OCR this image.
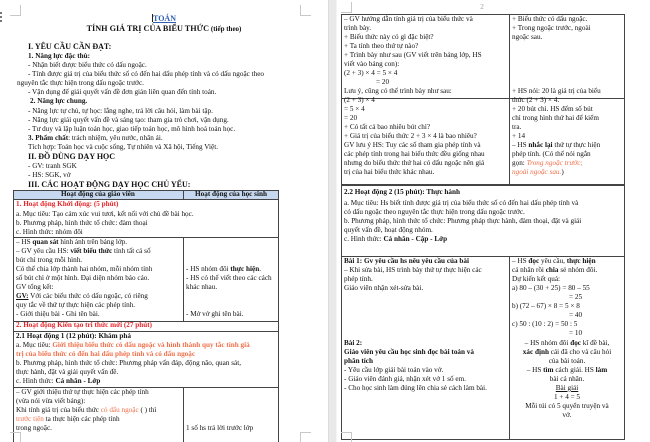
TOÁN
TÍNH GIÁ TRỊ CỦA BIỂU THỨC (tiếp theo)
I. YÊU CẦU CẦN ĐẠT:
1. Năng lực đặc thù:
- Nhận biết được biểu thức có dấu ngoặc.
- Tính được giá trị của biểu thức số có đến hai dấu phép tính và có dấu ngoặc theo
nguyên tắc thực hiện trong dấu ngoặc trước.
- Vận dụng để giải quyết vấn đề đơn giản liên quan đến tính toán.
2. Năng lực chung.
- Năng lực tự chủ, tự học: lắng nghe, trả lời câu hỏi, làm bài tập.
- Năng lực giải quyết vấn đề và sáng tạo: tham gia trò chơi, vận dụng.
- Tư duy và lập luận toán học, giao tiếp toán học, mô hình hoá toán học.
3. Phẩm chất: trách nhiệm, yêu nước, nhân ái.
Tích hợp: Toán học và cuộc sống, Tự nhiên và Xã hội, Tiếng Việt.
II. ĐỒ DÙNG DẠY HỌC
- GV: tranh SGK
- HS: SGK, vở
III. CÁC HOẠT ĐỘNG DẠY HỌC CHỦ YẾU:
Hoạt động của giáo viên	Hoạt động của học sinh
1. Hoạt động Khởi động: (5 phút)
a. Mục tiêu: Tạo cảm xúc vui tươi, kết nối với chủ đề bài học.
b. Phương pháp, hình thức tổ chức: đàm thoại
c. Hình thức: nhóm đôi
– HS quan sát hình ảnh trên bảng lớp.
– GV yêu cầu HS: viết biểu thức tính tất cả số
bút chì trong mỗi hình.
Có thể chia lớp thành hai nhóm, mỗi nhóm tính
số bút chì ở một hình. Đại diện nhóm báo cáo.
GV tổng kết:
GV: Với các biểu thức có dấu ngoặc, có riêng
quy tắc về thứ tự thực hiện các phép tính.
- Giới thiệu bài - Ghi tên bài.
- HS nhóm đôi thực hiện.
- HS có thể viết theo các cách
khác nhau.
- Mở vở ghi tên bài.
2. Hoạt động Kiến tạo tri thức mới (27 phút)
2.1 Hoạt động 1 (12 phút): Khám phá
a. Mục tiêu: Giới thiệu biểu thức có dấu ngoặc và hình thành quy tắc tính giá
trị của biểu thức có đến hai dấu phép tính và có dấu ngoặc
b. Phương pháp, hình thức tổ chức: Phương pháp vấn đáp, động não, quan sát,
thực hành, đặt và giải quyết vấn đề.
c. Hình thức: Cá nhân - Lớp
– GV giới thiệu thứ tự thực hiện các phép tính
(vừa nói vừa viết bảng):
Khi tính giá trị của biểu thức có dấu ngoặc ( ) thì
trước tiên ta thực hiện các phép tính
trong ngoặc.	1 số hs trả lời trước lớp
2
– GV hướng dẫn tính giá trị của biểu thức và
trình bày.
+ Biểu thức này có gì đặc biệt?
+ Ta tính theo thứ tự nào?
+ Trình bày như sau (GV viết trên bảng lớp, HS
viết vào bảng con):
(2 + 3) × 4 = 5 × 4
= 20
Lưu ý, cũng có thể trình bày như sau:
(2 + 3) × 4
= 5 × 4
= 20
+ Có tất cả bao nhiêu bút chì?
+ Giá trị của biểu thức 2 + 3 × 4 là bao nhiêu?
GV lưu ý HS: Tuy các số tham gia phép tính và
các phép tính trong hai biểu thức đều giống nhau
nhưng do biểu thức thứ hai có dấu ngoặc nên giá
trị của hai biểu thức khác nhau.
+ Biểu thức có dấu ngoặc.
+ Trong ngoặc trước, ngoài
ngoặc sau.
+ HS nói: 20 là giá trị của biểu
thức (2 + 3) × 4.
+ 20 bút chì. HS đếm số bút
chì trong hình thứ hai để kiểm
tra.
+ 14
– HS nhắc lại thứ tự thực hiện
phép tính. (Có thể nói ngắn
gọn: Trong ngoặc trước;
ngoài ngoặc sau.)
2.2 Hoạt động 2 (15 phút): Thực hành
a. Mục tiêu: Hs biết tính được giá trị của biểu thức số có đến hai dấu phép tính và
có dấu ngoặc theo nguyên tắc thực hiện trong dấu ngoặc trước.
b. Phương pháp, hình thức tổ chức: Phương pháp thực hành, đàm thoại, đặt và giải
quyết vấn đề, hoạt động nhóm.
c. Hình thức: Cá nhân - Cặp - Lớp
Bài 1: Gv yêu cầu hs nêu yêu cầu của bài
– Khi sửa bài, HS trình bày thứ tự thực hiện các
phép tính.
Giáo viên nhận xét-sửa bài.
– HS đọc yêu cầu, thực hiện
cá nhân rồi chia sẻ nhóm đôi.
Dự kiến kết quả:
a) 80 – (30 + 25) = 80 – 55
= 25
b) (72 – 67) × 8 = 5 × 8
= 40
c) 50 : (10 : 2) = 50 : 5
= 10
Bài 2:
Giáo viên yêu cầu học sinh đọc bài toán và
phân tích
- Yêu cầu lớp giải bài toán vào vở.
- Giáo viên đánh giá, nhận xét vở 1 số em.
- Cho học sinh làm đúng lên chia sẻ cách làm bài.
– HS nhóm đôi đọc kĩ đề bài,
xác định cái đã cho và câu hỏi
của bài toán.
– HS tìm cách giải. HS làm
bài cá nhân.
Bài giải
1 + 4 = 5
Mỗi túi có 5 quyển truyện và
vở.
